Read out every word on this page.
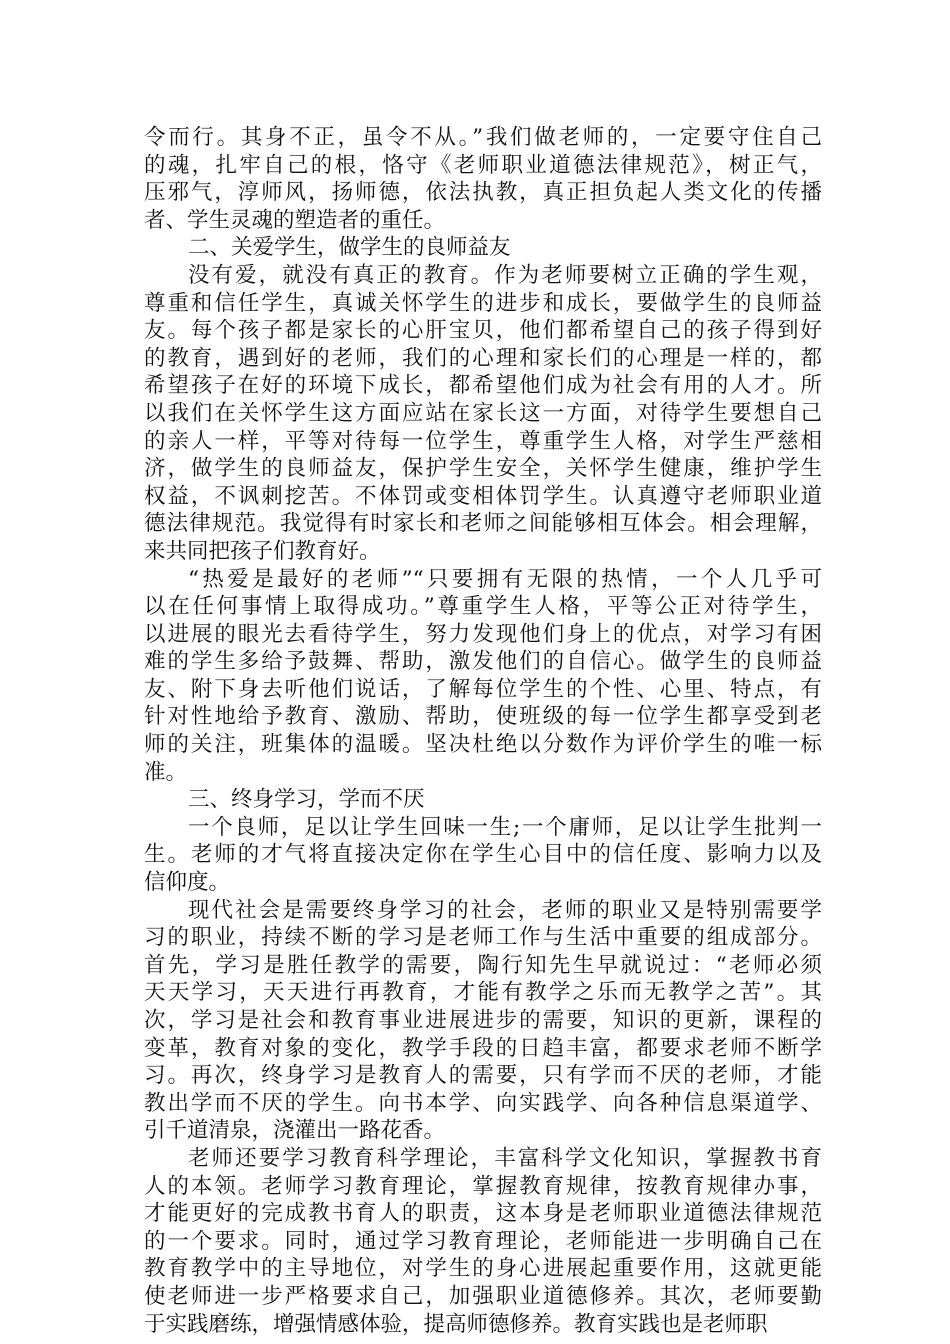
令而行。其身不正，虽令不从。”我们做老师的，一定要守住自己
的魂，扎牢自己的根，恪守《老师职业道德法律规范》，树正气，
压邪气，淳师风，扬师德，依法执教，真正担负起人类文化的传播
者、学生灵魂的塑造者的重任。
二、关爱学生，做学生的良师益友
没有爱，就没有真正的教育。作为老师要树立正确的学生观，
尊重和信任学生，真诚关怀学生的进步和成长，要做学生的良师益
友。每个孩子都是家长的心肝宝贝，他们都希望自己的孩子得到好
的教育，遇到好的老师，我们的心理和家长们的心理是一样的，都
希望孩子在好的环境下成长，都希望他们成为社会有用的人才。所
以我们在关怀学生这方面应站在家长这一方面，对待学生要想自己
的亲人一样，平等对待每一位学生，尊重学生人格，对学生严慈相
济，做学生的良师益友，保护学生安全，关怀学生健康，维护学生
权益，不讽刺挖苦。不体罚或变相体罚学生。认真遵守老师职业道
德法律规范。我觉得有时家长和老师之间能够相互体会。相会理解，
来共同把孩子们教育好。
“热爱是最好的老师”“只要拥有无限的热情，一个人几乎可
以在任何事情上取得成功。”尊重学生人格，平等公正对待学生，
以进展的眼光去看待学生，努力发现他们身上的优点，对学习有困
难的学生多给予鼓舞、帮助，激发他们的自信心。做学生的良师益
友、附下身去听他们说话，了解每位学生的个性、心里、特点，有
针对性地给予教育、激励、帮助，使班级的每一位学生都享受到老
师的关注，班集体的温暖。坚决杜绝以分数作为评价学生的唯一标
准。
三、终身学习，学而不厌
一个良师，足以让学生回味一生;一个庸师，足以让学生批判一
生。老师的才气将直接决定你在学生心目中的信任度、影响力以及
信仰度。
现代社会是需要终身学习的社会，老师的职业又是特别需要学
习的职业，持续不断的学习是老师工作与生活中重要的组成部分。
首先，学习是胜任教学的需要，陶行知先生早就说过：“老师必须
天天学习，天天进行再教育，才能有教学之乐而无教学之苦”。其
次，学习是社会和教育事业进展进步的需要，知识的更新，课程的
变革，教育对象的变化，教学手段的日趋丰富，都要求老师不断学
习。再次，终身学习是教育人的需要，只有学而不厌的老师，才能
教出学而不厌的学生。向书本学、向实践学、向各种信息渠道学、
引千道清泉，浇灌出一路花香。
老师还要学习教育科学理论，丰富科学文化知识，掌握教书育
人的本领。老师学习教育理论，掌握教育规律，按教育规律办事，
才能更好的完成教书育人的职责，这本身是老师职业道德法律规范
的一个要求。同时，通过学习教育理论，老师能进一步明确自己在
教育教学中的主导地位，对学生的身心进展起重要作用，这就更能
使老师进一步严格要求自己，加强职业道德修养。其次，老师要勤
于实践磨练，增强情感体验，提高师德修养。教育实践也是老师职
